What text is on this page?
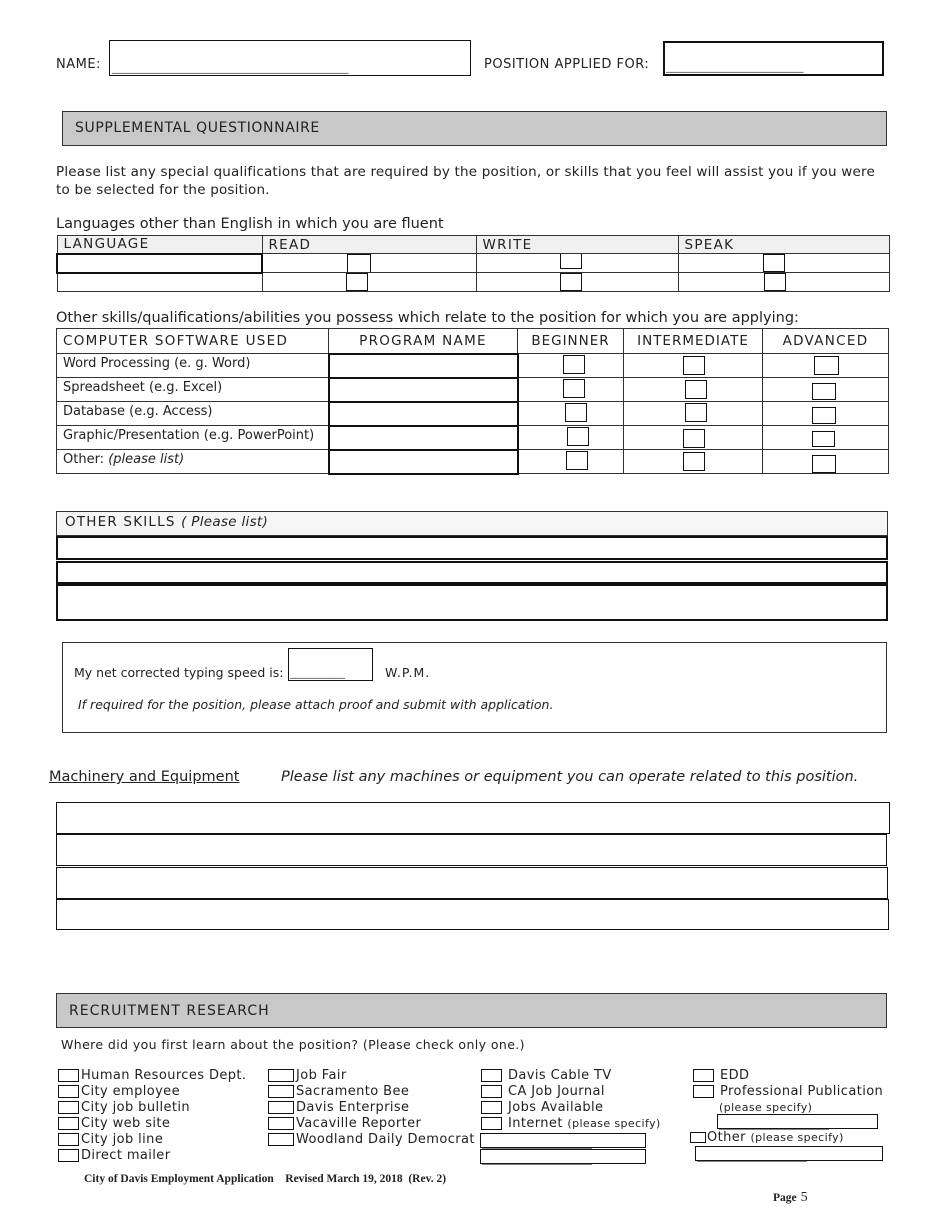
NAME: ___________________________________________	POSITION APPLIED FOR: _________________________
SUPPLEMENTAL QUESTIONNAIRE
Please list any special qualifications that are required by the position, or skills that you feel will assist you if you were to be selected for the position.
Languages other than English in which you are fluent
LANGUAGE	READ	WRITE	SPEAK

Other skills/qualifications/abilities you possess which relate to the position for which you are applying:
COMPUTER SOFTWARE USED	PROGRAM NAME	BEGINNER	INTERMEDIATE	ADVANCED
Word Processing (e. g. Word)		

Spreadsheet (e.g. Excel)		

Database (e.g. Access)		

Graphic/Presentation (e.g. PowerPoint)		

Other: (please list)		

OTHER SKILLS ( Please list)
My net corrected typing speed is: __________	W.P.M.
If required for the position, please attach proof and submit with application.
Machinery and Equipment	Please list any machines or equipment you can operate related to this position.
RECRUITMENT RESEARCH
Where did you first learn about the position? (Please check only one.)
Human Resources Dept.
City employee
City job bulletin
City web site
City job line
Direct mailer
Job Fair
Sacramento Bee
Davis Enterprise
Vacaville Reporter
Woodland Daily Democrat
Davis Cable TV
CA Job Journal
Jobs Available
Internet (please specify)
____________________
____________________
EDD
Professional Publication
(please specify)
____________________
Other (please specify)
____________________
City of Davis Employment Application    Revised March 19, 2018  (Rev. 2)
Page 5
